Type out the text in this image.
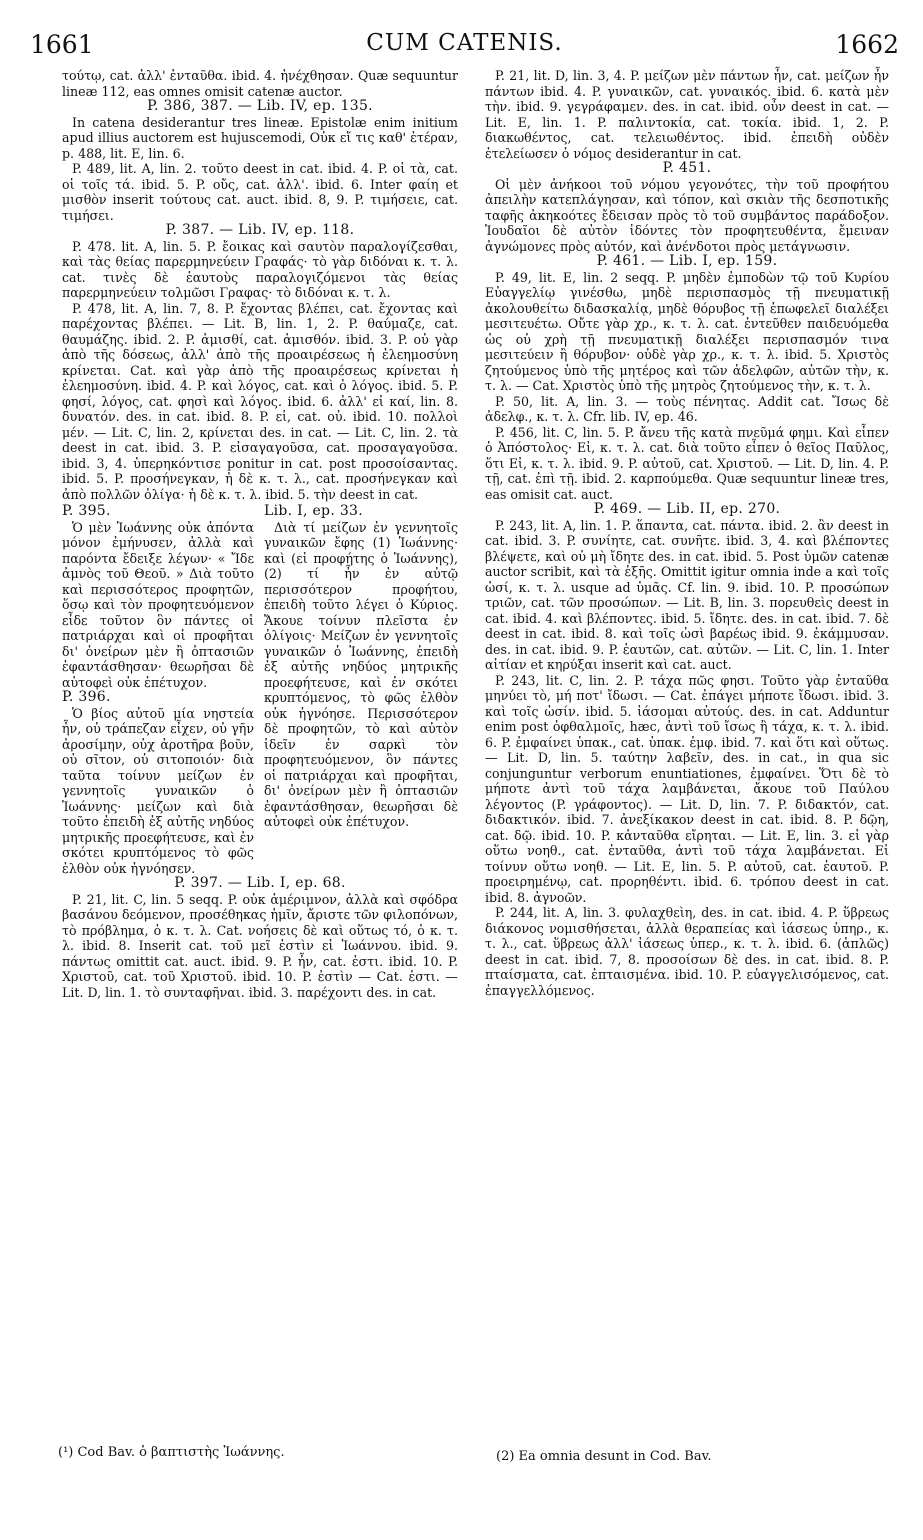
1661	CUM CATENIS.	1662

τούτῳ, cat. ἀλλ' ἐνταῦθα. ibid. 4. ἠνέχθησαν. Quæ sequuntur lineæ 112, eas omnes omisit catenæ auctor.

P. 386, 387. — Lib. IV, ep. 135.

In catena desiderantur tres lineæ. Epistolæ enim initium apud illius auctorem est hujuscemodi, Οὐκ εἴ τις καθ' ἑτέραν, p. 488, lit. E, lin. 6.

P. 489, lit. A, lin. 2. τοῦτο deest in cat. ibid. 4. P. οἱ τὰ, cat. οἱ τοῖς τά. ibid. 5. P. οὔς, cat. ἀλλ'. ibid. 6. Inter φαίη et μισθὸν inserit τούτους cat. auct. ibid. 8, 9. P. τιμήσειε, cat. τιμήσει.

P. 387. — Lib. IV, ep. 118.

P. 478. lit. A, lin. 5. P. ἔοικας καὶ σαυτὸν παραλογίζεσθαι, καὶ τὰς θείας παρερμηνεύειν Γραφάς· τὸ γὰρ διδόναι κ. τ. λ. cat. τινὲς δὲ ἑαυτοὺς παραλογιζόμενοι τὰς θείας παρερμηνεύειν τολμῶσι Γραφας· τὸ διδόναι κ. τ. λ.

P. 478, lit. A, lin. 7, 8. P. ἔχοντας βλέπει, cat. ἔχοντας καὶ παρέχοντας βλέπει. — Lit. B, lin. 1, 2. P. θαύμαζε, cat. θαυμάζης. ibid. 2. P. ἀμισθί, cat. ἀμισθόν. ibid. 3. P. οὐ γὰρ ἀπὸ τῆς δόσεως, ἀλλ' ἀπὸ τῆς προαιρέσεως ἡ ἐλεημοσύνη κρίνεται. Cat. καὶ γὰρ ἀπὸ τῆς προαιρέσεως κρίνεται ἡ ἐλεημοσύνη. ibid. 4. P. καὶ λόγος, cat. καὶ ὁ λόγος. ibid. 5. P. φησί, λόγος, cat. φησὶ καὶ λόγος. ibid. 6. ἀλλ' εἰ καί, lin. 8. δυνατόν. des. in cat. ibid. 8. P. εἰ, cat. οὐ. ibid. 10. πολλοὶ μέν. — Lit. C, lin. 2, κρίνεται des. in cat. — Lit. C, lin. 2. τὰ deest in cat. ibid. 3. P. εἰσαγαγοῦσα, cat. προσαγαγοῦσα. ibid. 3, 4. ὑπερηκόντισε ponitur in cat. post προσοίσαντας. ibid. 5. P. προσήνεγκαν, ἡ δὲ κ. τ. λ., cat. προσήνεγκαν καὶ ἀπὸ πολλῶν ὀλίγα· ἡ δὲ κ. τ. λ. ibid. 5. τὴν deest in cat.

P. 395.

Ὁ μὲν Ἰωάννης οὐκ ἀπόντα μόνον ἐμήνυσεν, ἀλλὰ καὶ παρόντα ἔδειξε λέγων· « Ἴδε ἀμνὸς τοῦ Θεοῦ. » Διὰ τοῦτο καὶ περισσότερος προφητῶν, ὅσῳ καὶ τὸν προφητευόμενον εἶδε τοῦτον ὃν πάντες οἱ πατριάρχαι καὶ οἱ προφῆται δι' ὀνείρων μὲν ἢ ὀπτασιῶν ἐφαντάσθησαν· θεωρῆσαι δὲ αὐτοφεὶ οὐκ ἐπέτυχον.

P. 396.

Ὁ βίος αὐτοῦ μία νηστεία ἦν, οὐ τράπεζαν εἶχεν, οὐ γῆν ἀροσίμην, οὐχ ἀροτῆρα βοῦν, οὐ σῖτον, οὐ σιτοποιόν· διὰ ταῦτα τοίνυν μείζων ἐν γεννητοῖς γυναικῶν ὁ Ἰωάννης· μείζων καὶ διὰ τοῦτο ἐπειδὴ ἐξ αὐτῆς νηδύος μητρικῆς προεφήτευσε, καὶ ἐν σκότει κρυπτόμενος τὸ φῶς ἐλθὸν οὐκ ἠγνόησεν.

Lib. I, ep. 33.

Διὰ τί μείζων ἐν γεννητοῖς γυναικῶν ἔφης (1) Ἰωάννης· καὶ (εἰ προφήτης ὁ Ἰωάννης), (2) τί ἦν ἐν αὐτῷ περισσότερον προφήτου, ἐπειδὴ τοῦτο λέγει ὁ Κύριος. Ἄκουε τοίνυν πλεῖστα ἐν ὀλίγοις· Μείζων ἐν γεννητοῖς γυναικῶν ὁ Ἰωάννης, ἐπειδὴ ἐξ αὐτῆς νηδύος μητρικῆς προεφήτευσε, καὶ ἐν σκότει κρυπτόμενος, τὸ φῶς ἐλθὸν οὐκ ἠγνόησε. Περισσότερον δὲ προφητῶν, τὸ καὶ αὐτὸν ἰδεῖν ἐν σαρκὶ τὸν προφητευόμενον, ὃν πάντες οἱ πατριάρχαι καὶ προφῆται, δι' ὀνείρων μὲν ἢ ὀπτασιῶν ἐφαντάσθησαν, θεωρῆσαι δὲ αὐτοφεὶ οὐκ ἐπέτυχον.

P. 397. — Lib. I, ep. 68.

P. 21, lit. C, lin. 5 seqq. P. οὐκ ἀμέριμνον, ἀλλὰ καὶ σφόδρα βασάνου δεόμενον, προσέθηκας ἡμῖν, ἄριστε τῶν φιλοπόνων, τὸ πρόβλημα, ὁ κ. τ. λ. Cat. νοήσεις δὲ καὶ οὕτως τό, ὁ κ. τ. λ. ibid. 8. Inserit cat. τοῦ μεῖ ἐστὶν εἰ Ἰωάννου. ibid. 9. πάντως omittit cat. auct. ibid. 9. P. ἦν, cat. ἐστι. ibid. 10. P. Χριστοῦ, cat. τοῦ Χριστοῦ. ibid. 10. P. ἐστὶν — Cat. ἐστι. — Lit. D, lin. 1. τὸ συνταφῆναι. ibid. 3. παρέχοντι des. in cat.

P. 21, lit. D, lin. 3, 4. P. μείζων μὲν πάντων ἦν, cat. μείζων ἦν πάντων ibid. 4. P. γυναικῶν, cat. γυναικός. ibid. 6. κατὰ μὲν τὴν. ibid. 9. γεγράφαμεν. des. in cat. ibid. οὖν deest in cat. — Lit. E, lin. 1. P. παλιντοκία, cat. τοκία. ibid. 1, 2. P. διακωθέντος, cat. τελειωθέντος. ibid. ἐπειδὴ οὐδὲν ἐτελείωσεν ὁ νόμος desiderantur in cat.

P. 451.

Οἱ μὲν ἀνήκοοι τοῦ νόμου γεγονότες, τὴν τοῦ προφήτου ἀπειλὴν κατεπλάγησαν, καὶ τόπον, καὶ σκιὰν τῆς δεσποτικῆς ταφῆς ἀκηκοότες ἔδεισαν πρὸς τὸ τοῦ συμβάντος παράδοξον. Ἰουδαῖοι δὲ αὐτὸν ἰδόντες τὸν προφητευθέντα, ἔμειναν ἀγνώμονες πρὸς αὐτόν, καὶ ἀνένδοτοι πρὸς μετάγνωσιν.

P. 461. — Lib. I, ep. 159.

P. 49, lit. E, lin. 2 seqq. P. μηδὲν ἐμποδὼν τῷ τοῦ Κυρίου Εὐαγγελίῳ γινέσθω, μηδὲ περισπασμὸς τῇ πνευματικῇ ἀκολουθείτω διδασκαλίᾳ, μηδὲ θόρυβος τῇ ἐπωφελεῖ διαλέξει μεσιτευέτω. Οὔτε γὰρ χρ., κ. τ. λ. cat. ἐντεῦθεν παιδευόμεθα ὡς οὐ χρὴ τῇ πνευματικῇ διαλέξει περισπασμόν τινα μεσιτεύειν ἢ θόρυβον· οὐδὲ γὰρ χρ., κ. τ. λ. ibid. 5. Χριστὸς ζητούμενος ὑπὸ τῆς μητέρος καὶ τῶν ἀδελφῶν, αὐτῶν τὴν, κ. τ. λ. — Cat. Χριστὸς ὑπὸ τῆς μητρὸς ζητούμενος τὴν, κ. τ. λ.

P. 50, lit. A, lin. 3. — τοὺς πένητας. Addit cat. Ἴσως δὲ ἀδελφ., κ. τ. λ. Cfr. lib. IV, ep. 46.

P. 456, lit. C, lin. 5. P. ἄνευ τῆς κατὰ πνεῦμά φημι. Καὶ εἶπεν ὁ Ἀπόστολος· Εἰ, κ. τ. λ. cat. διὰ τοῦτο εἶπεν ὁ θεῖος Παῦλος, ὅτι Εἰ, κ. τ. λ. ibid. 9. P. αὐτοῦ, cat. Χριστοῦ. — Lit. D, lin. 4. P. τῇ, cat. ἐπὶ τῇ. ibid. 2. καρπούμεθα. Quæ sequuntur lineæ tres, eas omisit cat. auct.

P. 469. — Lib. II, ep. 270.

P. 243, lit. A, lin. 1. P. ἅπαντα, cat. πάντα. ibid. 2. ἂν deest in cat. ibid. 3. P. συνίητε, cat. συνῆτε. ibid. 3, 4. καὶ βλέποντες βλέψετε, καὶ οὐ μὴ ἴδητε des. in cat. ibid. 5. Post ὑμῶν catenæ auctor scribit, καὶ τὰ ἑξῆς. Omittit igitur omnia inde a καὶ τοῖς ὠσί, κ. τ. λ. usque ad ὑμᾶς. Cf. lin. 9. ibid. 10. P. προσώπων τριῶν, cat. τῶν προσώπων. — Lit. B, lin. 3. πορευθεὶς deest in cat. ibid. 4. καὶ βλέποντες. ibid. 5. ἴδητε. des. in cat. ibid. 7. δὲ deest in cat. ibid. 8. καὶ τοῖς ὠσὶ βαρέως ibid. 9. ἐκάμμυσαν. des. in cat. ibid. 9. P. ἑαυτῶν, cat. αὐτῶν. — Lit. C, lin. 1. Inter αἰτίαν et κηρύξαι inserit καὶ cat. auct.

P. 243, lit. C, lin. 2. P. τάχα πῶς φησι. Τοῦτο γὰρ ἐνταῦθα μηνύει τὸ, μή ποτ' ἴδωσι. — Cat. ἐπάγει μήποτε ἴδωσι. ibid. 3. καὶ τοῖς ὠσίν. ibid. 5. ἰάσομαι αὐτούς. des. in cat. Adduntur enim post ὀφθαλμοῖς, hæc, ἀντὶ τοῦ ἴσως ἢ τάχα, κ. τ. λ. ibid. 6. P. ἐμφαίνει ὑπακ., cat. ὑπακ. ἐμφ. ibid. 7. καὶ ὅτι καὶ οὕτως. — Lit. D, lin. 5. ταύτην λαβεῖν, des. in cat., in qua sic conjunguntur verborum enuntiationes, ἐμφαίνει. Ὅτι δὲ τὸ μήποτε ἀντὶ τοῦ τάχα λαμβάνεται, ἄκουε τοῦ Παύλου λέγοντος (P. γράφοντος). — Lit. D, lin. 7. P. διδακτόν, cat. διδακτικόν. ibid. 7. ἀνεξίκακον deest in cat. ibid. 8. P. δῷη, cat. δῷ. ibid. 10. P. κἀνταῦθα εἴρηται. — Lit. E, lin. 3. εἰ γὰρ οὕτω νοηθ., cat. ἐνταῦθα, ἀντὶ τοῦ τάχα λαμβάνεται. Εἰ τοίνυν οὕτω νοηθ. — Lit. E, lin. 5. P. αὐτοῦ, cat. ἑαυτοῦ. P. προειρημένῳ, cat. προρηθέντι. ibid. 6. τρόπου deest in cat. ibid. 8. ἀγνοῶν.

P. 244, lit. A, lin. 3. φυλαχθεὶη, des. in cat. ibid. 4. P. ὕβρεως διάκονος νομισθήσεται, ἀλλὰ θεραπείας καὶ ἰάσεως ὑπηρ., κ. τ. λ., cat. ὕβρεως ἀλλ' ἰάσεως ὑπερ., κ. τ. λ. ibid. 6. (ἁπλῶς) deest in cat. ibid. 7, 8. προσοίσων δὲ des. in cat. ibid. 8. P. πταίσματα, cat. ἐπταισμένα. ibid. 10. P. εὐαγγελισόμενος, cat. ἐπαγγελλόμενος.

(¹) Cod Bav. ὁ βαπτιστὴς Ἰωάννης.	(2) Ea omnia desunt in Cod. Bav.
